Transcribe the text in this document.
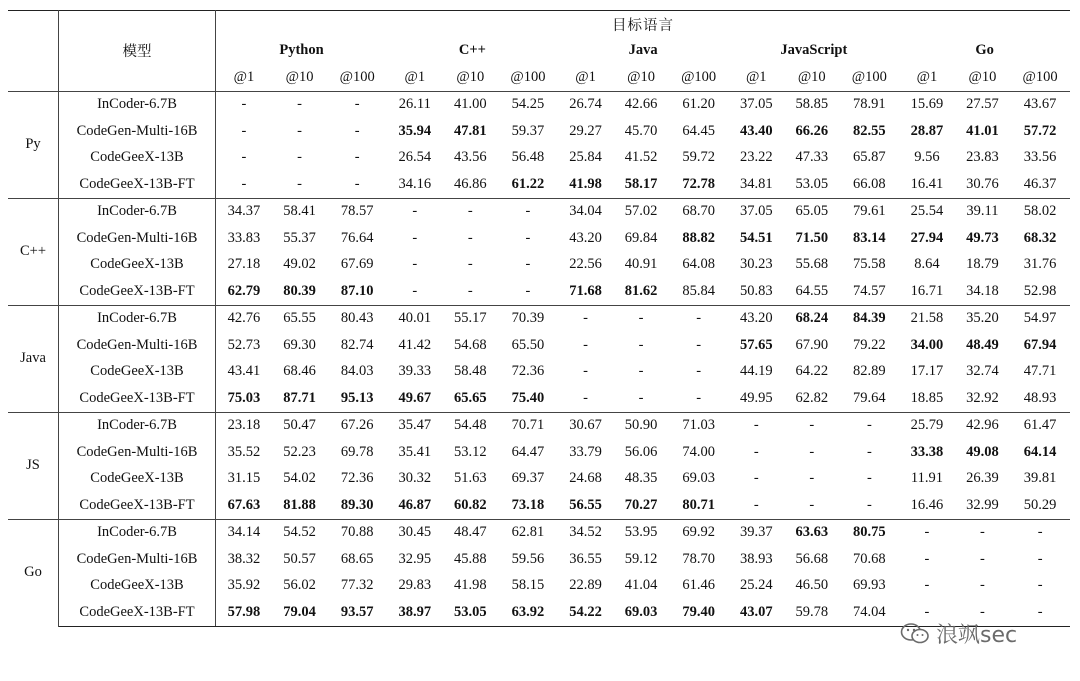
	模型	目标语言														
		Python			C++			Java			JavaScript			Go		
		@1	@10	@100	@1	@10	@100	@1	@10	@100	@1	@10	@100	@1	@10	@100
Py	InCoder-6.7B	-	-	-	26.11	41.00	54.25	26.74	42.66	61.20	37.05	58.85	78.91	15.69	27.57	43.67
	CodeGen-Multi-16B	-	-	-	35.94	47.81	59.37	29.27	45.70	64.45	43.40	66.26	82.55	28.87	41.01	57.72
	CodeGeeX-13B	-	-	-	26.54	43.56	56.48	25.84	41.52	59.72	23.22	47.33	65.87	9.56	23.83	33.56
	CodeGeeX-13B-FT	-	-	-	34.16	46.86	61.22	41.98	58.17	72.78	34.81	53.05	66.08	16.41	30.76	46.37
C++	InCoder-6.7B	34.37	58.41	78.57	-	-	-	34.04	57.02	68.70	37.05	65.05	79.61	25.54	39.11	58.02
	CodeGen-Multi-16B	33.83	55.37	76.64	-	-	-	43.20	69.84	88.82	54.51	71.50	83.14	27.94	49.73	68.32
	CodeGeeX-13B	27.18	49.02	67.69	-	-	-	22.56	40.91	64.08	30.23	55.68	75.58	8.64	18.79	31.76
	CodeGeeX-13B-FT	62.79	80.39	87.10	-	-	-	71.68	81.62	85.84	50.83	64.55	74.57	16.71	34.18	52.98
Java	InCoder-6.7B	42.76	65.55	80.43	40.01	55.17	70.39	-	-	-	43.20	68.24	84.39	21.58	35.20	54.97
	CodeGen-Multi-16B	52.73	69.30	82.74	41.42	54.68	65.50	-	-	-	57.65	67.90	79.22	34.00	48.49	67.94
	CodeGeeX-13B	43.41	68.46	84.03	39.33	58.48	72.36	-	-	-	44.19	64.22	82.89	17.17	32.74	47.71
	CodeGeeX-13B-FT	75.03	87.71	95.13	49.67	65.65	75.40	-	-	-	49.95	62.82	79.64	18.85	32.92	48.93
JS	InCoder-6.7B	23.18	50.47	67.26	35.47	54.48	70.71	30.67	50.90	71.03	-	-	-	25.79	42.96	61.47
	CodeGen-Multi-16B	35.52	52.23	69.78	35.41	53.12	64.47	33.79	56.06	74.00	-	-	-	33.38	49.08	64.14
	CodeGeeX-13B	31.15	54.02	72.36	30.32	51.63	69.37	24.68	48.35	69.03	-	-	-	11.91	26.39	39.81
	CodeGeeX-13B-FT	67.63	81.88	89.30	46.87	60.82	73.18	56.55	70.27	80.71	-	-	-	16.46	32.99	50.29
Go	InCoder-6.7B	34.14	54.52	70.88	30.45	48.47	62.81	34.52	53.95	69.92	39.37	63.63	80.75	-	-	-
	CodeGen-Multi-16B	38.32	50.57	68.65	32.95	45.88	59.56	36.55	59.12	78.70	38.93	56.68	70.68	-	-	-
	CodeGeeX-13B	35.92	56.02	77.32	29.83	41.98	58.15	22.89	41.04	61.46	25.24	46.50	69.93	-	-	-
	CodeGeeX-13B-FT	57.98	79.04	93.57	38.97	53.05	63.92	54.22	69.03	79.40	43.07	59.78	74.04	-	-	-
浪飒sec
